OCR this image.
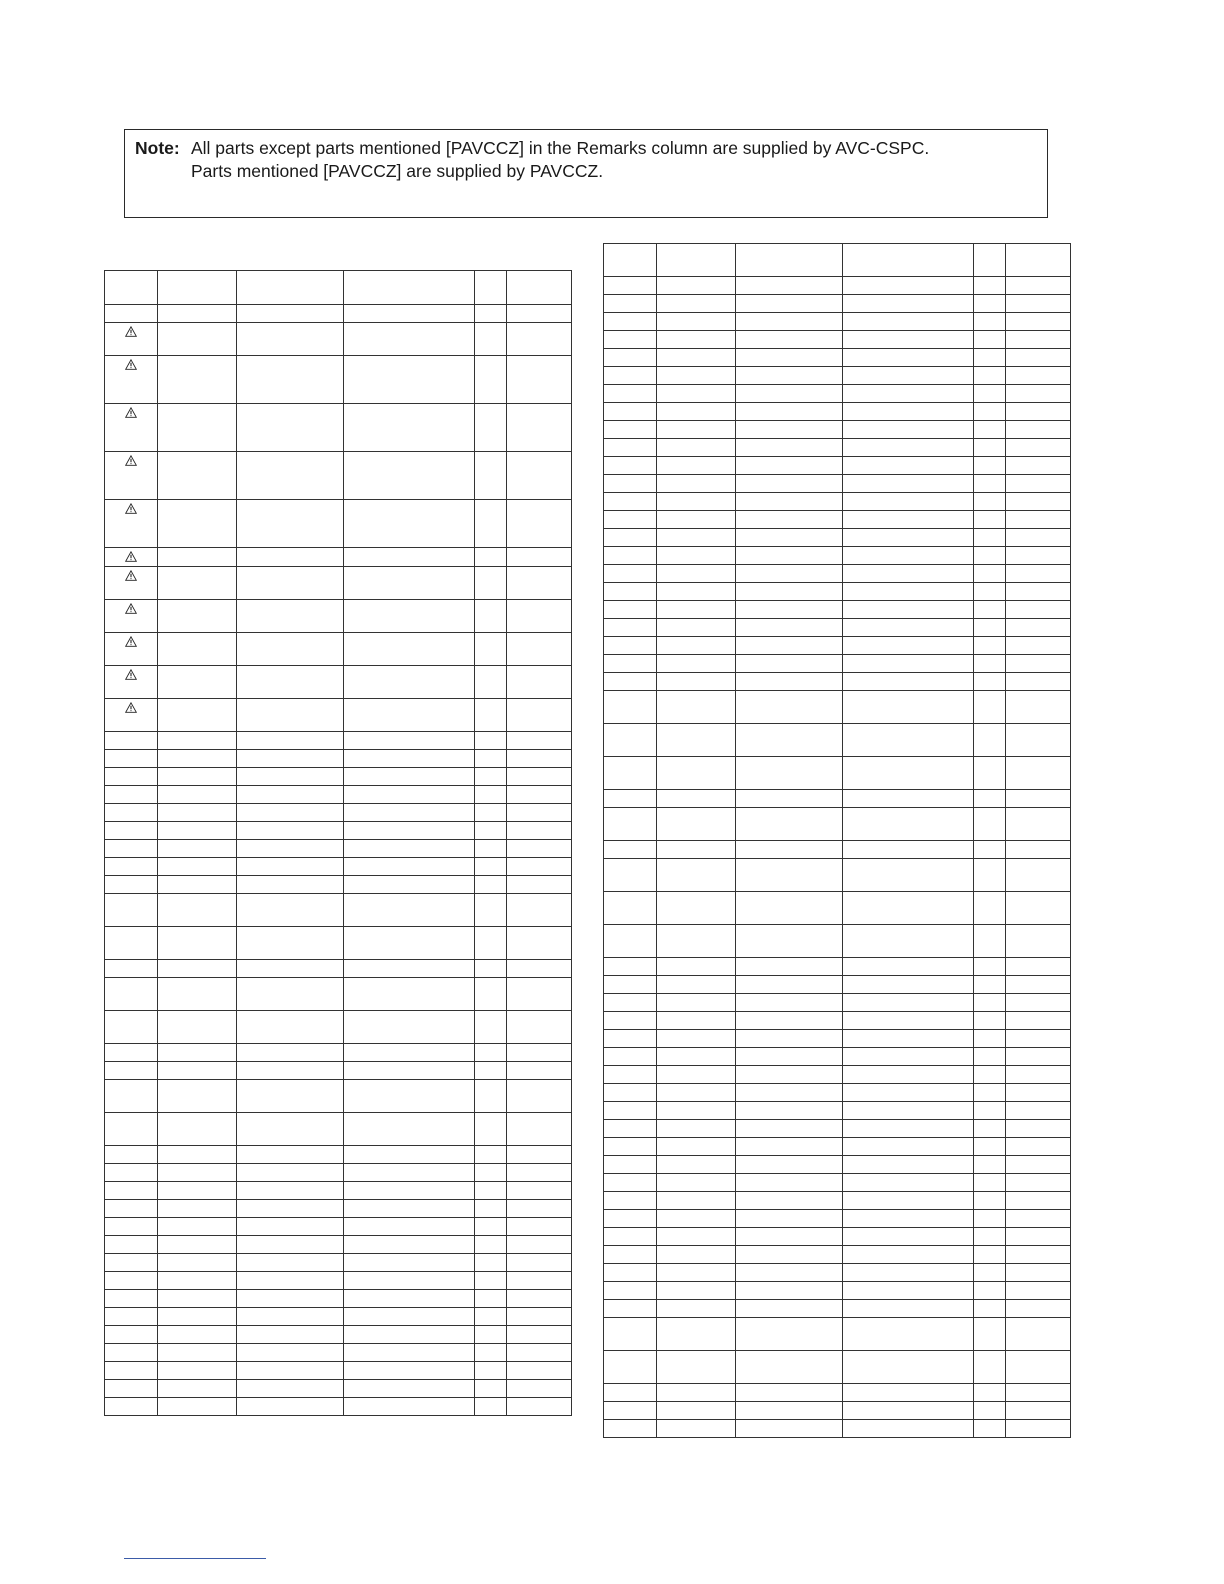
Note: All parts except parts mentioned [PAVCCZ] in the Remarks column are supplied by AVC-CSPC.
Parts mentioned [PAVCCZ] are supplied by PAVCCZ.
